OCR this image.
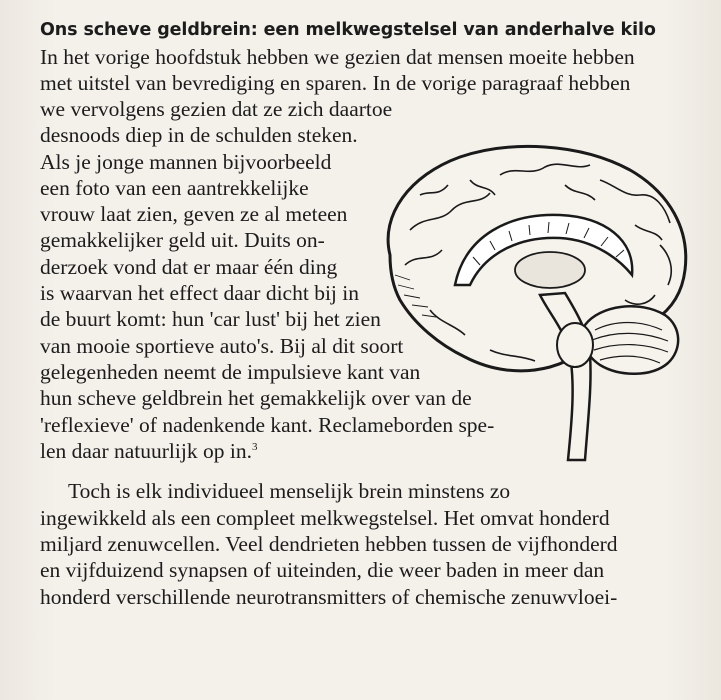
Ons scheve geldbrein: een melkwegstelsel van anderhalve kilo
In het vorige hoofdstuk hebben we gezien dat mensen moeite hebben
met uitstel van bevrediging en sparen. In de vorige paragraaf hebben
we vervolgens gezien dat ze zich daartoe
desnoods diep in de schulden steken.
Als je jonge mannen bijvoorbeeld
een foto van een aantrekkelijke
vrouw laat zien, geven ze al meteen
gemakkelijker geld uit. Duits on-
derzoek vond dat er maar één ding
is waarvan het effect daar dicht bij in
de buurt komt: hun 'car lust' bij het zien
van mooie sportieve auto's. Bij al dit soort
gelegenheden neemt de impulsieve kant van
hun scheve geldbrein het gemakkelijk over van de
'reflexieve' of nadenkende kant. Reclameborden spe-
len daar natuurlijk op in.$^3$
Toch is elk individueel menselijk brein minstens zo
ingewikkeld als een compleet melkwegstelsel. Het omvat honderd
miljard zenuwcellen. Veel dendrieten hebben tussen de vijfhonderd
en vijfduizend synapsen of uiteinden, die weer baden in meer dan
honderd verschillende neurotransmitters of chemische zenuwvloei-
